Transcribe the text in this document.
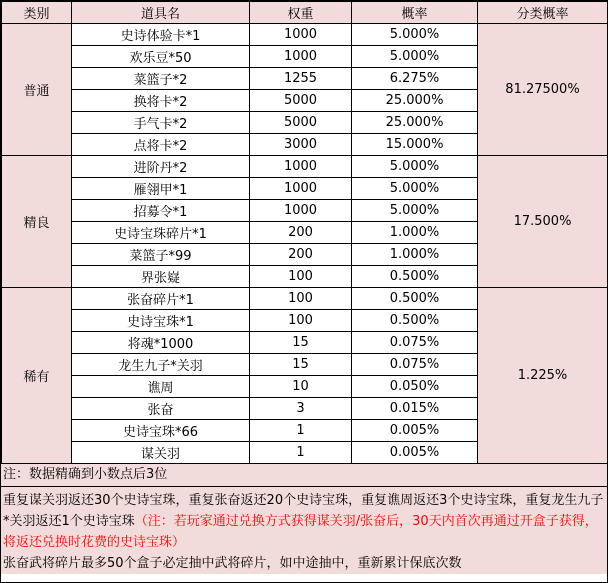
类别	道具名	权重	概率	分类概率
普通	史诗体验卡*1	1000	5.000%	81.27500%
	欢乐豆*50	1000	5.000%	
	菜篮子*2	1255	6.275%	
	换将卡*2	5000	25.000%	
	手气卡*2	5000	25.000%	
	点将卡*2	3000	15.000%	
精良	进阶丹*2	1000	5.000%	17.500%
	雁翎甲*1	1000	5.000%	
	招募令*1	1000	5.000%	
	史诗宝珠碎片*1	200	1.000%	
	菜篮子*99	200	1.000%	
	界张嶷	100	0.500%	
稀有	张奋碎片*1	100	0.500%	1.225%
	史诗宝珠*1	100	0.500%	
	将魂*1000	15	0.075%	
	龙生九子*关羽	15	0.075%	
	谯周	10	0.050%	
	张奋	3	0.015%	
	史诗宝珠*66	1	0.005%	
	谋关羽	1	0.005%	
注：数据精确到小数点后3位
重复谋关羽返还30个史诗宝珠，重复张奋返还20个史诗宝珠，重复谯周返还3个史诗宝珠，重复龙生九子*关羽返还1个史诗宝珠（注：若玩家通过兑换方式获得谋关羽/张奋后，30天内首次再通过开盒子获得，将返还兑换时花费的史诗宝珠）
张奋武将碎片最多50个盒子必定抽中武将碎片，如中途抽中，重新累计保底次数
